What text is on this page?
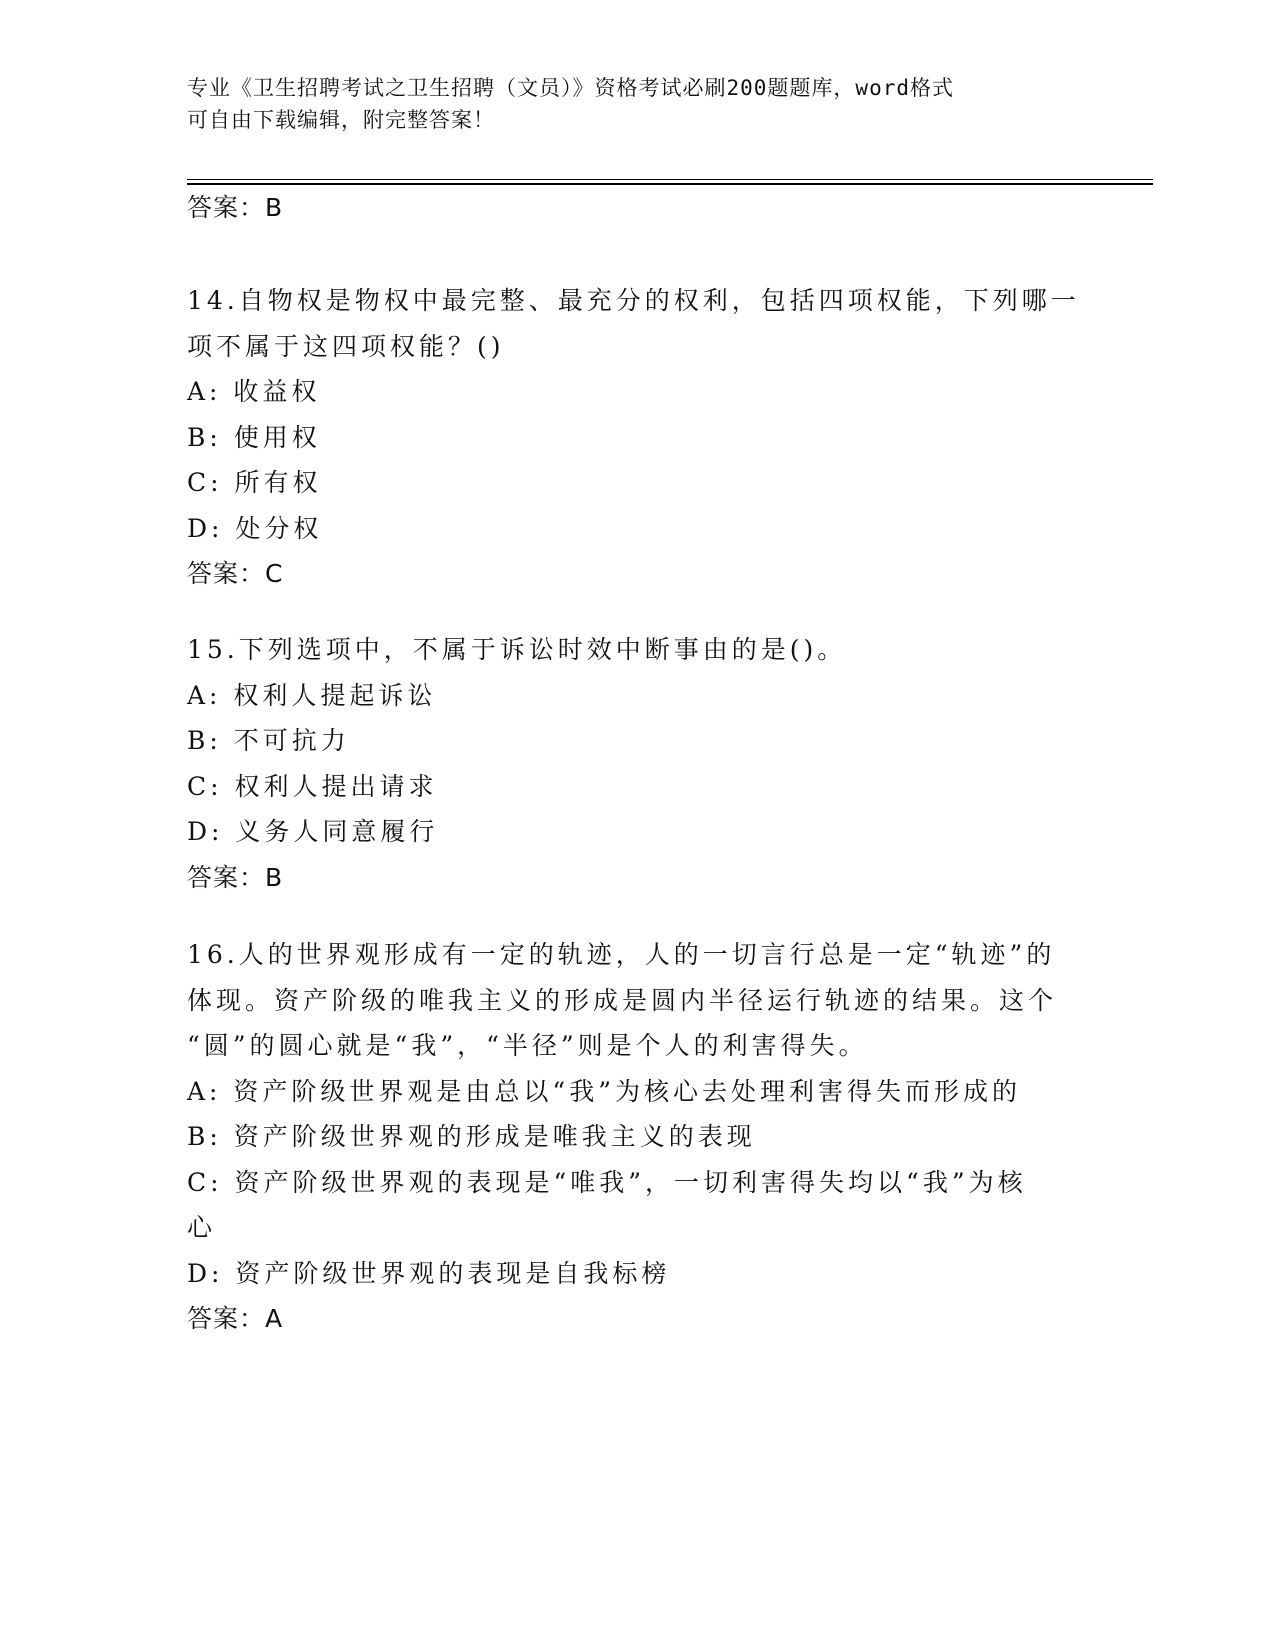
专业《卫生招聘考试之卫生招聘（文员）》资格考试必刷200题题库，word格式
可自由下载编辑，附完整答案！
答案：B
14.自物权是物权中最完整、最充分的权利，包括四项权能，下列哪一
项不属于这四项权能？()
A: 收益权
B: 使用权
C: 所有权
D: 处分权
答案：C
15.下列选项中，不属于诉讼时效中断事由的是()。
A: 权利人提起诉讼
B: 不可抗力
C: 权利人提出请求
D: 义务人同意履行
答案：B
16.人的世界观形成有一定的轨迹，人的一切言行总是一定“轨迹”的
体现。资产阶级的唯我主义的形成是圆内半径运行轨迹的结果。这个
“圆”的圆心就是“我”，“半径”则是个人的利害得失。
A: 资产阶级世界观是由总以“我”为核心去处理利害得失而形成的
B: 资产阶级世界观的形成是唯我主义的表现
C: 资产阶级世界观的表现是“唯我”，一切利害得失均以“我”为核
心
D: 资产阶级世界观的表现是自我标榜
答案：A
